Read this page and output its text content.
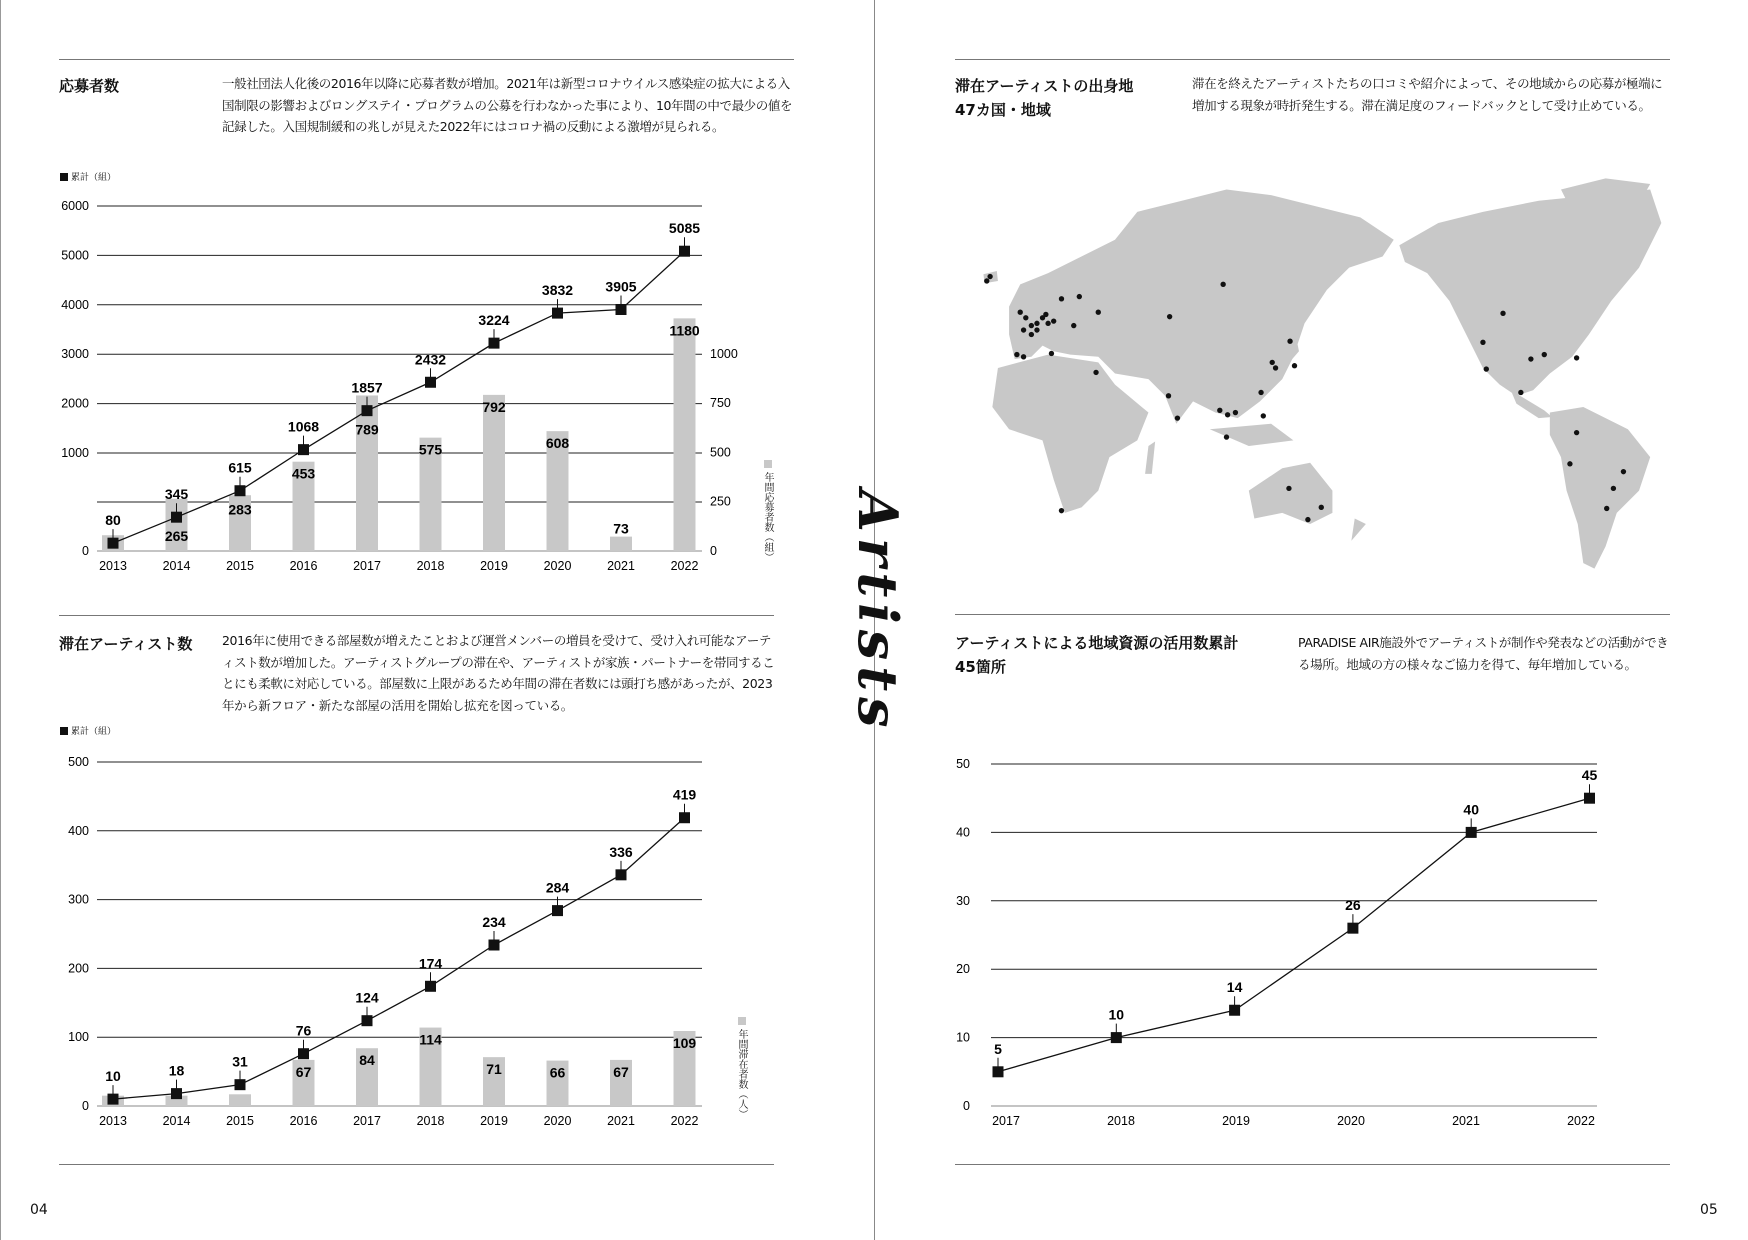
応募者数	一般社団法人化後の2016年以降に応募者数が増加。2021年は新型コロナウイルス感染症の拡大による入国制限の影響およびロングステイ・プログラムの公募を行わなかった事により、10年間の中で最少の値を記録した。入国規制緩和の兆しが見えた2022年にはコロナ禍の反動による激増が見られる。
累計（組）
年間応募者数（組）
0
1000
2000
3000
4000
5000
6000
0
250
500
750
1000
2013	2014	2015	2016	2017	2018	2019	2020	2021	2022
265
283
453
789
575
792
608
73
1180
80
345
615
1068
1857
2432
3224
3832 3905
5085
滞在アーティスト数 2016年に使用できる部屋数が増えたことおよび運営メンバーの増員を受けて、受け入れ可能なアーティスト数が増加した。アーティストグループの滞在や、アーティストが家族・パートナーを帯同することにも柔軟に対応している。部屋数に上限があるため年間の滞在者数には頭打ち感があったが、2023年から新フロア・新たな部屋の活用を開始し拡充を図っている。
累計（組）
年間滞在者数（人）
0
100
200
300
400
500
2013	2014	2015	2016	2017	2018	2019	2020	2021	2022
67
84
114
71	66	67
109
10	18
31
76
124
174
234
284
336
419
04
Artists
滞在アーティストの出身地
47カ国・地域
滞在を終えたアーティストたちの口コミや紹介によって、その地域からの応募が極端に増加する現象が時折発生する。滞在満足度のフィードバックとして受け止めている。
アーティストによる地域資源の活用数累計
45箇所
PARADISE AIR施設外でアーティストが制作や発表などの活動ができる場所。地域の方の様々なご協力を得て、毎年増加している。
0
10
20
30
40
50
2017	2018	2019	2020	2021	2022
5
10
14
26
40
45
05
